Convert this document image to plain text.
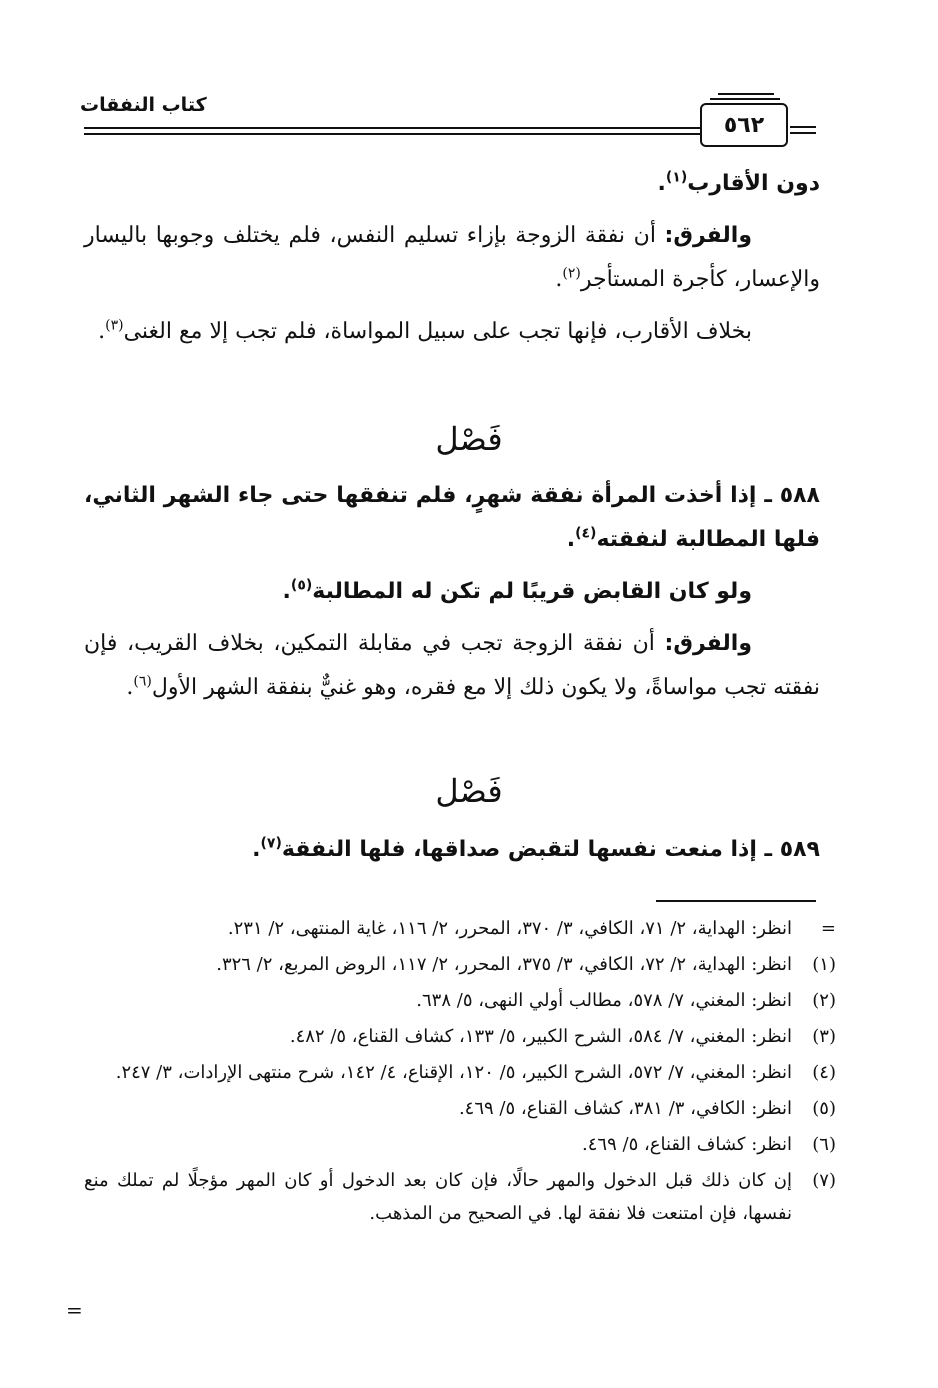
كتاب النفقات
٥٦٢
دون الأقارب$^{(١)}$.
والفرق: أن نفقة الزوجة بإزاء تسليم النفس، فلم يختلف وجوبها باليسار والإعسار، كأجرة المستأجر$^{(٢)}$.
بخلاف الأقارب، فإنها تجب على سبيل المواساة، فلم تجب إلا مع الغنى$^{(٣)}$.
فَصْل
٥٨٨ ـ إذا أخذت المرأة نفقة شهرٍ، فلم تنفقها حتى جاء الشهر الثاني، فلها المطالبة لنفقته$^{(٤)}$.
ولو كان القابض قريبًا لم تكن له المطالبة$^{(٥)}$.
والفرق: أن نفقة الزوجة تجب في مقابلة التمكين، بخلاف القريب، فإن نفقته تجب مواساةً، ولا يكون ذلك إلا مع فقره، وهو غنيٌّ بنفقة الشهر الأول$^{(٦)}$.
فَصْل
٥٨٩ ـ إذا منعت نفسها لتقبض صداقها، فلها النفقة$^{(٧)}$.
=
انظر: الهداية، ٢/ ٧١، الكافي، ٣/ ٣٧٠، المحرر، ٢/ ١١٦، غاية المنتهى، ٢/ ٢٣١.
(١)
انظر: الهداية، ٢/ ٧٢، الكافي، ٣/ ٣٧٥، المحرر، ٢/ ١١٧، الروض المربع، ٢/ ٣٢٦.
(٢)
انظر: المغني، ٧/ ٥٧٨، مطالب أولي النهى، ٥/ ٦٣٨.
(٣)
انظر: المغني، ٧/ ٥٨٤، الشرح الكبير، ٥/ ١٣٣، كشاف القناع، ٥/ ٤٨٢.
(٤)
انظر: المغني، ٧/ ٥٧٢، الشرح الكبير، ٥/ ١٢٠، الإقناع، ٤/ ١٤٢، شرح منتهى الإرادات، ٣/ ٢٤٧.
(٥)
انظر: الكافي، ٣/ ٣٨١، كشاف القناع، ٥/ ٤٦٩.
(٦)
انظر: كشاف القناع، ٥/ ٤٦٩.
(٧)
إن كان ذلك قبل الدخول والمهر حالًا، فإن كان بعد الدخول أو كان المهر مؤجلًا لم تملك منع نفسها، فإن امتنعت فلا نفقة لها. في الصحيح من المذهب.
=
